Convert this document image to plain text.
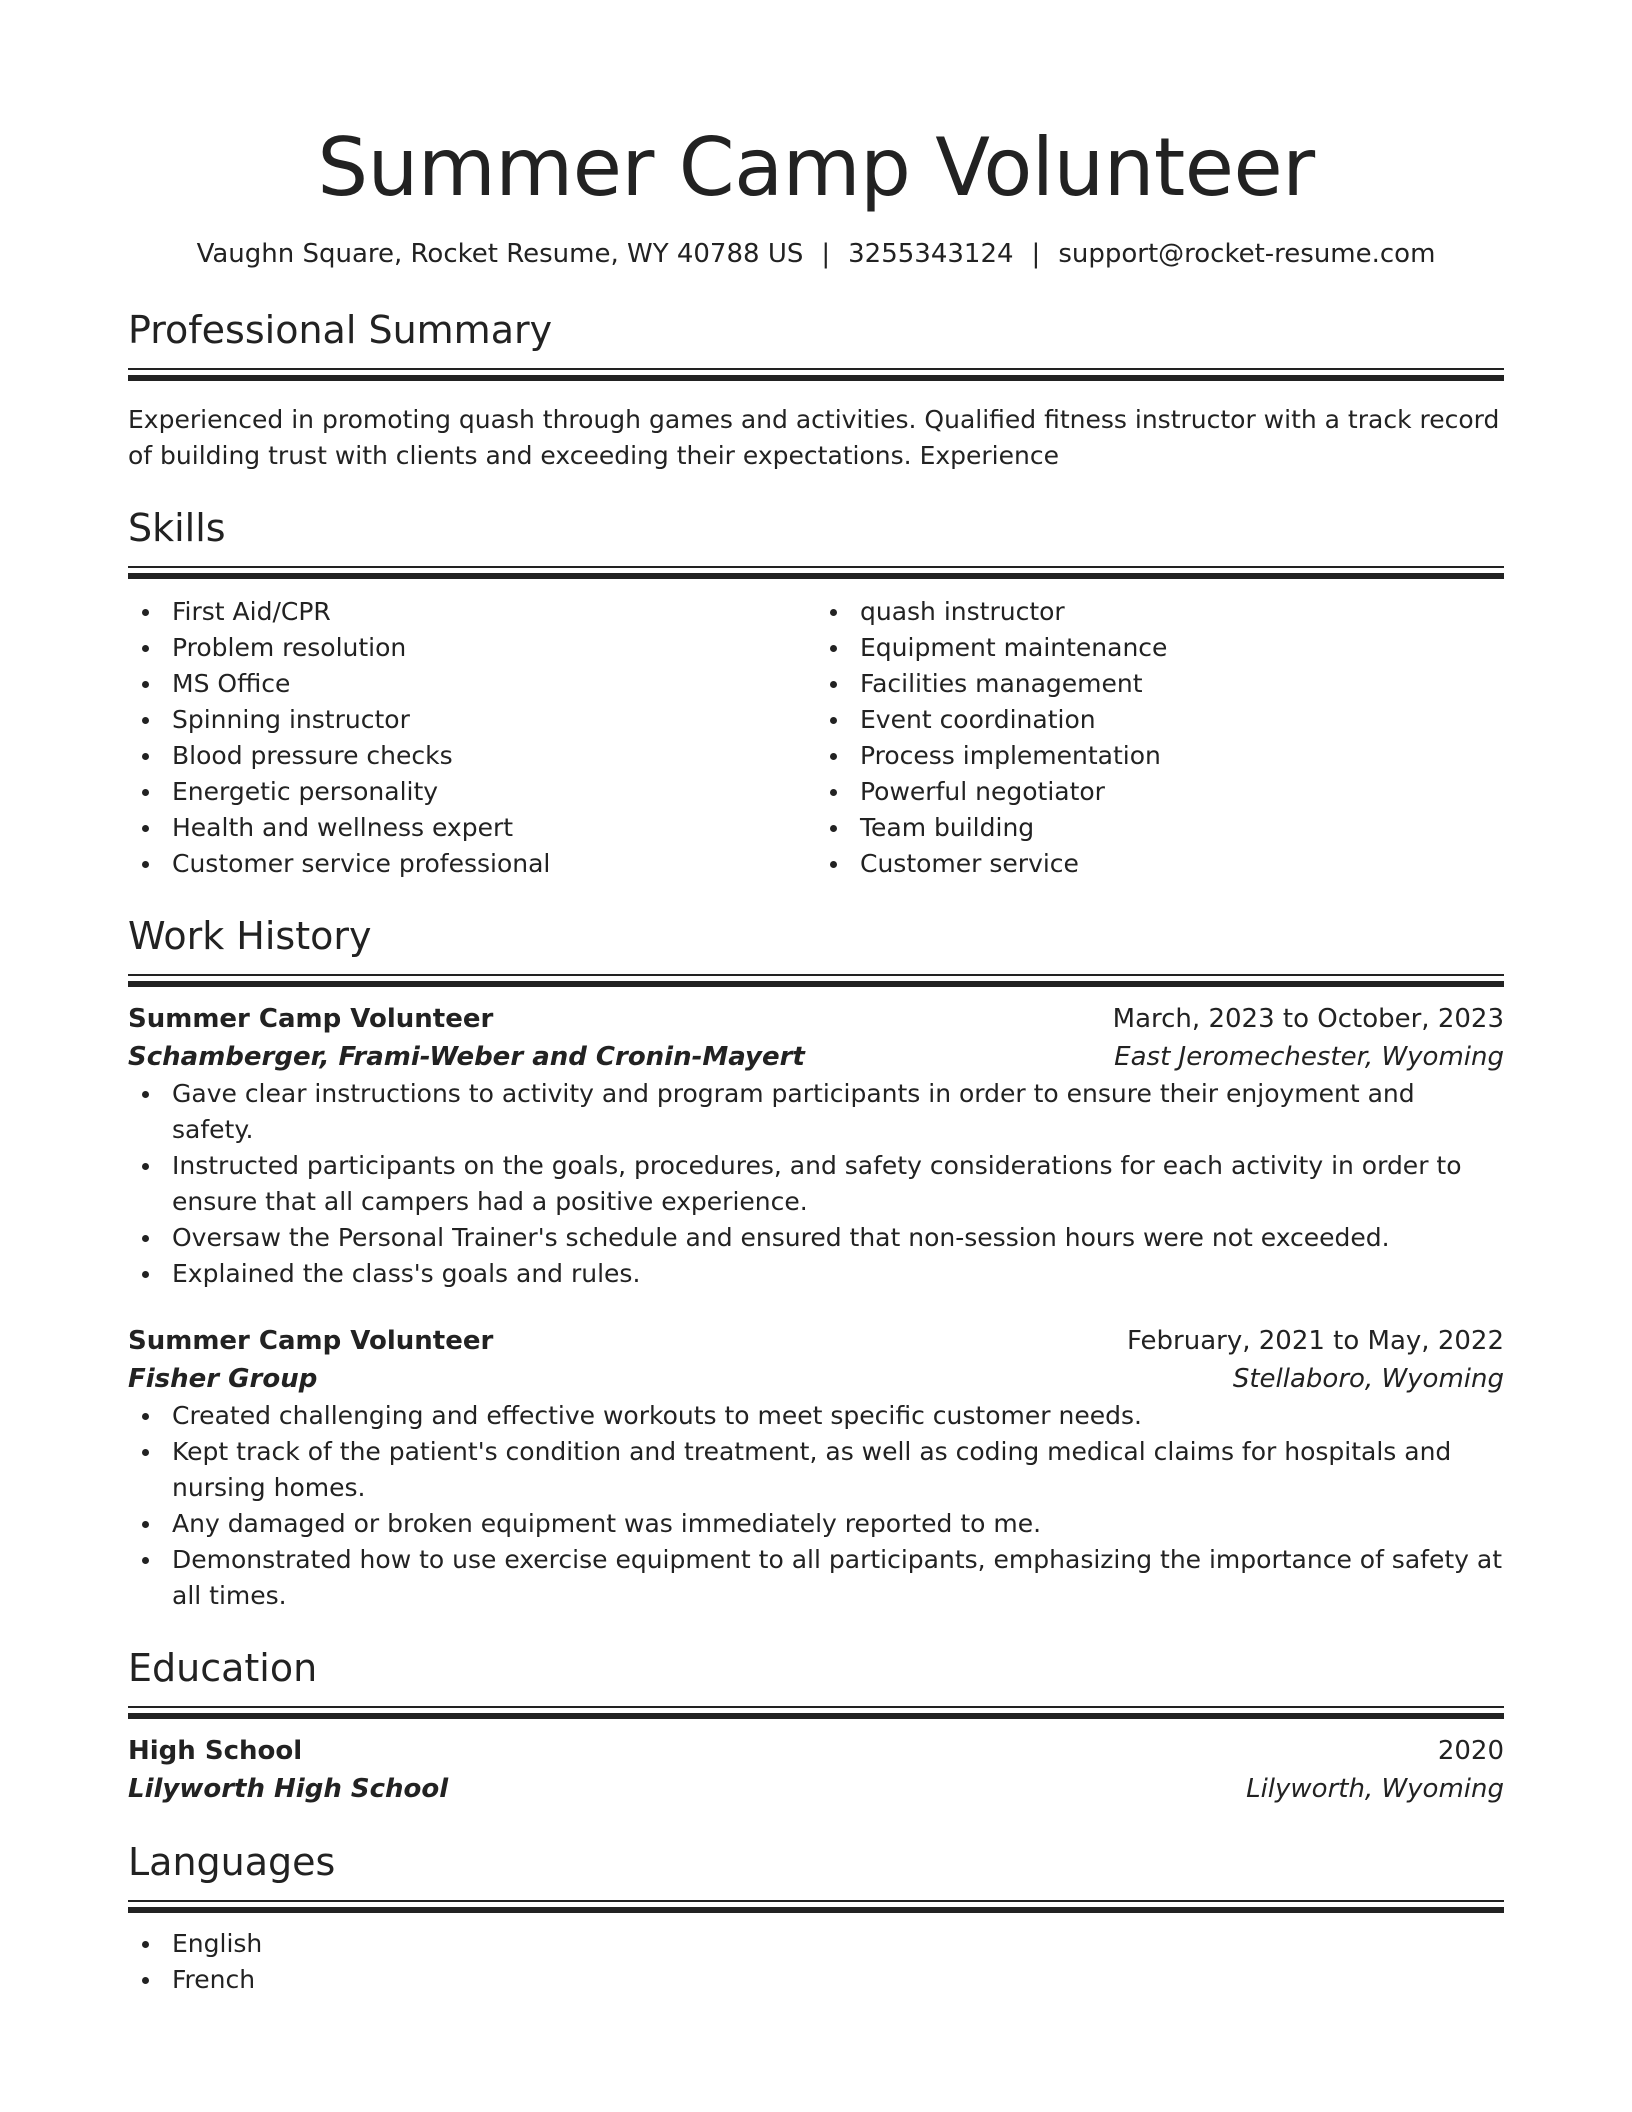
Summer Camp Volunteer
Vaughn Square, Rocket Resume, WY 40788 US | 3255343124 | support@rocket-resume.com
Professional Summary
Experienced in promoting quash through games and activities. Qualified fitness instructor with a track record of building trust with clients and exceeding their expectations. Experience
Skills
First Aid/CPR
Problem resolution
MS Office
Spinning instructor
Blood pressure checks
Energetic personality
Health and wellness expert
Customer service professional
quash instructor
Equipment maintenance
Facilities management
Event coordination
Process implementation
Powerful negotiator
Team building
Customer service
Work History
Summer Camp Volunteer	March, 2023 to October, 2023
Schamberger, Frami-Weber and Cronin-Mayert	East Jeromechester, Wyoming
Gave clear instructions to activity and program participants in order to ensure their enjoyment and safety.
Instructed participants on the goals, procedures, and safety considerations for each activity in order to ensure that all campers had a positive experience.
Oversaw the Personal Trainer's schedule and ensured that non-session hours were not exceeded.
Explained the class's goals and rules.
Summer Camp Volunteer	February, 2021 to May, 2022
Fisher Group	Stellaboro, Wyoming
Created challenging and effective workouts to meet specific customer needs.
Kept track of the patient's condition and treatment, as well as coding medical claims for hospitals and nursing homes.
Any damaged or broken equipment was immediately reported to me.
Demonstrated how to use exercise equipment to all participants, emphasizing the importance of safety at all times.
Education
High School	2020
Lilyworth High School	Lilyworth, Wyoming
Languages
English
French
